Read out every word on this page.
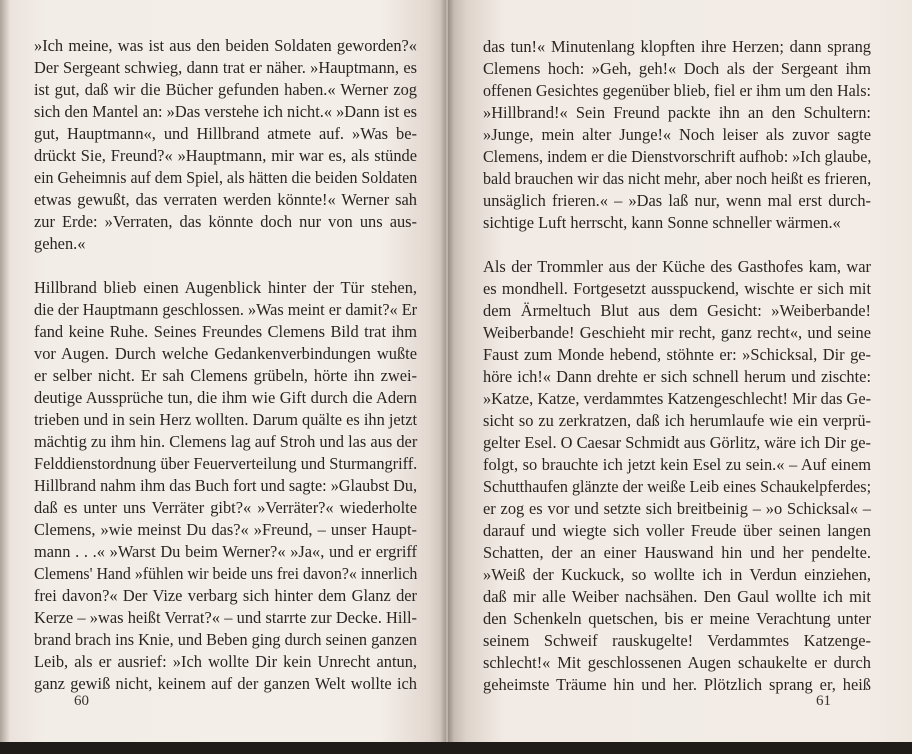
»Ich meine, was ist aus den beiden Soldaten geworden?«
Der Sergeant schwieg, dann trat er näher. »Hauptmann, es
ist gut, daß wir die Bücher gefunden haben.« Werner zog
sich den Mantel an: »Das verstehe ich nicht.« »Dann ist es
gut, Hauptmann«, und Hillbrand atmete auf. »Was be-
drückt Sie, Freund?« »Hauptmann, mir war es, als stünde
ein Geheimnis auf dem Spiel, als hätten die beiden Soldaten
etwas gewußt, das verraten werden könnte!« Werner sah
zur Erde: »Verraten, das könnte doch nur von uns aus-
gehen.«

Hillbrand blieb einen Augenblick hinter der Tür stehen,
die der Hauptmann geschlossen. »Was meint er damit?« Er
fand keine Ruhe. Seines Freundes Clemens Bild trat ihm
vor Augen. Durch welche Gedankenverbindungen wußte
er selber nicht. Er sah Clemens grübeln, hörte ihn zwei-
deutige Aussprüche tun, die ihm wie Gift durch die Adern
trieben und in sein Herz wollten. Darum quälte es ihn jetzt
mächtig zu ihm hin. Clemens lag auf Stroh und las aus der
Felddienstordnung über Feuerverteilung und Sturmangriff.
Hillbrand nahm ihm das Buch fort und sagte: »Glaubst Du,
daß es unter uns Verräter gibt?« »Verräter?« wiederholte
Clemens, »wie meinst Du das?« »Freund, – unser Haupt-
mann . . .« »Warst Du beim Werner?« »Ja«, und er ergriff
Clemens' Hand »fühlen wir beide uns frei davon?« innerlich
frei davon?« Der Vize verbarg sich hinter dem Glanz der
Kerze – »was heißt Verrat?« – und starrte zur Decke. Hill-
brand brach ins Knie, und Beben ging durch seinen ganzen
Leib, als er ausrief: »Ich wollte Dir kein Unrecht antun,
ganz gewiß nicht, keinem auf der ganzen Welt wollte ich

60

das tun!« Minutenlang klopften ihre Herzen; dann sprang
Clemens hoch: »Geh, geh!« Doch als der Sergeant ihm
offenen Gesichtes gegenüber blieb, fiel er ihm um den Hals:
»Hillbrand!« Sein Freund packte ihn an den Schultern:
»Junge, mein alter Junge!« Noch leiser als zuvor sagte
Clemens, indem er die Dienstvorschrift aufhob: »Ich glaube,
bald brauchen wir das nicht mehr, aber noch heißt es frieren,
unsäglich frieren.« – »Das laß nur, wenn mal erst durch-
sichtige Luft herrscht, kann Sonne schneller wärmen.«

Als der Trommler aus der Küche des Gasthofes kam, war
es mondhell. Fortgesetzt ausspuckend, wischte er sich mit
dem Ärmeltuch Blut aus dem Gesicht: »Weiberbande!
Weiberbande! Geschieht mir recht, ganz recht«, und seine
Faust zum Monde hebend, stöhnte er: »Schicksal, Dir ge-
höre ich!« Dann drehte er sich schnell herum und zischte:
»Katze, Katze, verdammtes Katzengeschlecht! Mir das Ge-
sicht so zu zerkratzen, daß ich herumlaufe wie ein verprü-
gelter Esel. O Caesar Schmidt aus Görlitz, wäre ich Dir ge-
folgt, so brauchte ich jetzt kein Esel zu sein.« – Auf einem
Schutthaufen glänzte der weiße Leib eines Schaukelpferdes;
er zog es vor und setzte sich breitbeinig – »o Schicksal« –
darauf und wiegte sich voller Freude über seinen langen
Schatten, der an einer Hauswand hin und her pendelte.
»Weiß der Kuckuck, so wollte ich in Verdun einziehen,
daß mir alle Weiber nachsähen. Den Gaul wollte ich mit
den Schenkeln quetschen, bis er meine Verachtung unter
seinem Schweif rauskugelte! Verdammtes Katzenge-
schlecht!« Mit geschlossenen Augen schaukelte er durch
geheimste Träume hin und her. Plötzlich sprang er, heiß

61
